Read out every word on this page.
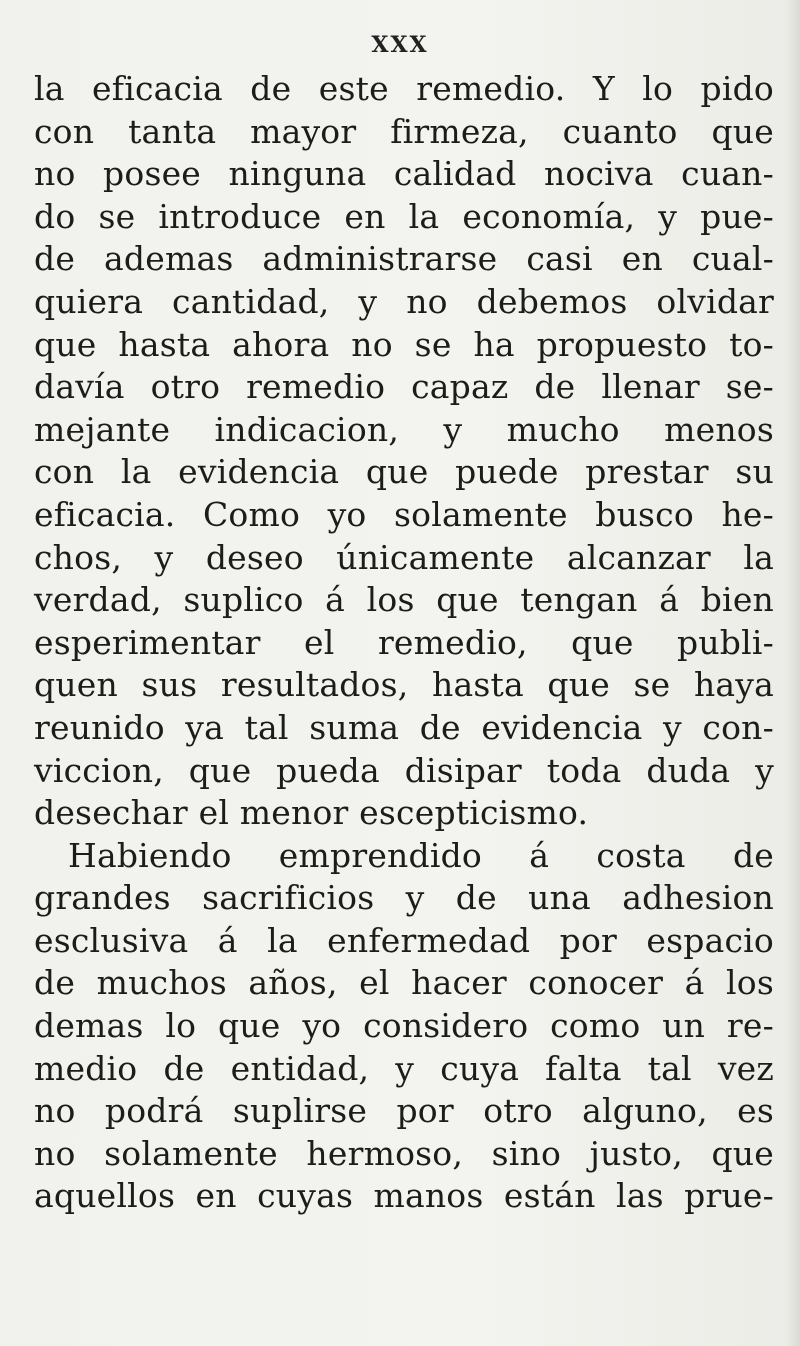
XXX
la eficacia de este remedio. Y lo pido
con tanta mayor firmeza, cuanto que
no posee ninguna calidad nociva cuan-
do se introduce en la economía, y pue-
de ademas administrarse casi en cual-
quiera cantidad, y no debemos olvidar
que hasta ahora no se ha propuesto to-
davía otro remedio capaz de llenar se-
mejante indicacion, y mucho menos
con la evidencia que puede prestar su
eficacia. Como yo solamente busco he-
chos, y deseo únicamente alcanzar la
verdad, suplico á los que tengan á bien
esperimentar el remedio, que publi-
quen sus resultados, hasta que se haya
reunido ya tal suma de evidencia y con-
viccion, que pueda disipar toda duda y
desechar el menor escepticismo.
Habiendo emprendido á costa de
grandes sacrificios y de una adhesion
esclusiva á la enfermedad por espacio
de muchos años, el hacer conocer á los
demas lo que yo considero como un re-
medio de entidad, y cuya falta tal vez
no podrá suplirse por otro alguno, es
no solamente hermoso, sino justo, que
aquellos en cuyas manos están las prue-
